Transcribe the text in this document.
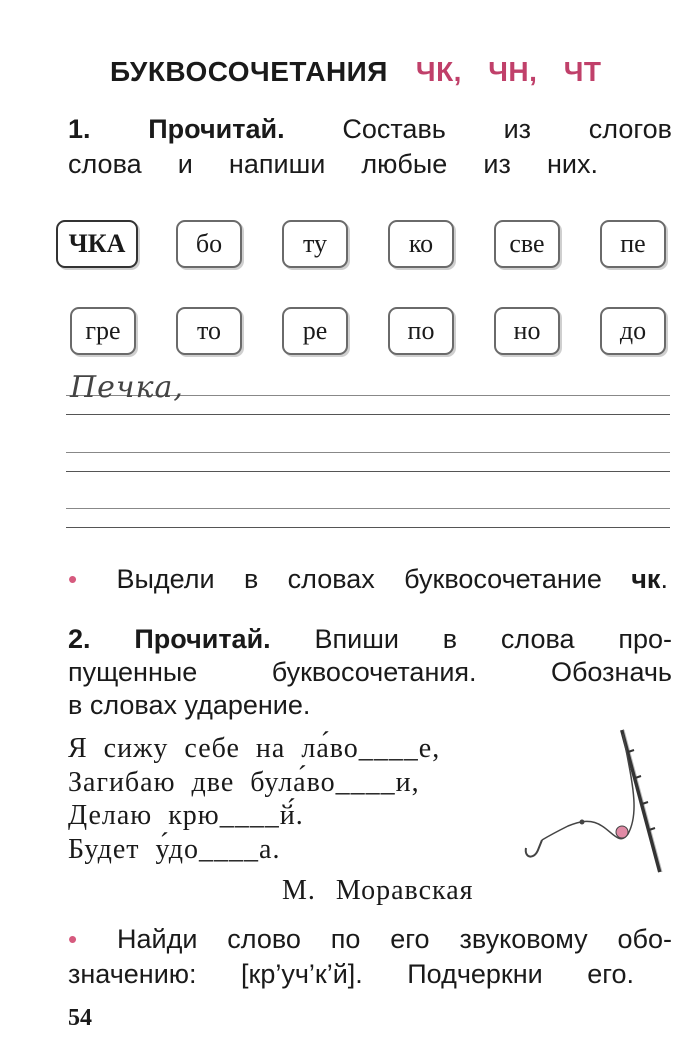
БУКВОСОЧЕТАНИЯ ЧК, ЧН, ЧТ
1. Прочитай. Составь из слогов
слова и напиши любые из них.
ЧКА	бо	ту	ко	све	пе
гре	то	ре	по	но	до
Печка,
• Выдели в словах буквосочетание чк.
2. Прочитай. Впиши в слова про-
пущенные буквосочетания. Обозначь
в словах ударение.
Я сижу себе на ла́во____е,
Загибаю две була́во____и,
Делаю крю____й́.
Будет у́до____а.
М. Моравская
• Найди слово по его звуковому обо-
значению: [кр’уч’к’й]. Подчеркни его.
54
